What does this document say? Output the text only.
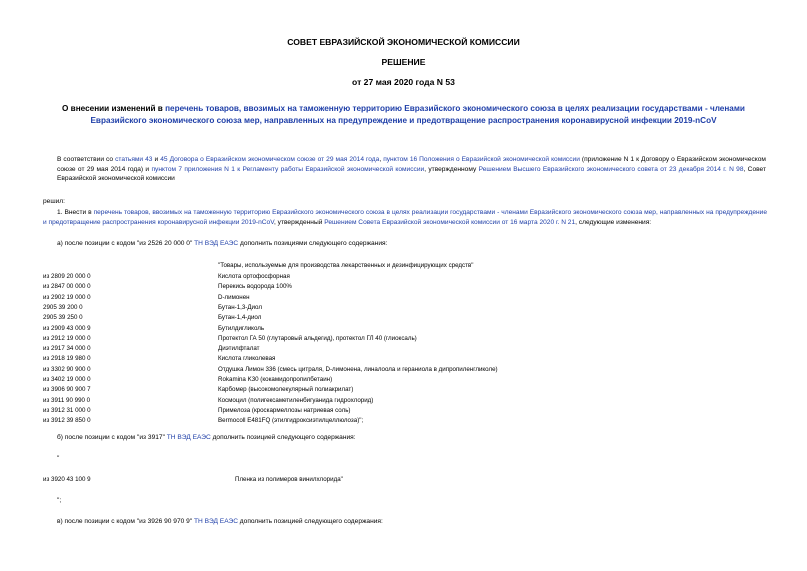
СОВЕТ ЕВРАЗИЙСКОЙ ЭКОНОМИЧЕСКОЙ КОМИССИИ
РЕШЕНИЕ
от 27 мая 2020 года N 53
О внесении изменений в перечень товаров, ввозимых на таможенную территорию Евразийского экономического союза в целях реализации государствами - членами Евразийского экономического союза мер, направленных на предупреждение и предотвращение распространения коронавирусной инфекции 2019-nCoV
В соответствии со статьями 43 и 45 Договора о Евразийском экономическом союзе от 29 мая 2014 года, пунктом 16 Положения о Евразийской экономической комиссии (приложение N 1 к Договору о Евразийском экономическом союзе от 29 мая 2014 года) и пунктом 7 приложения N 1 к Регламенту работы Евразийской экономической комиссии, утвержденному Решением Высшего Евразийского экономического совета от 23 декабря 2014 г. N 98, Совет Евразийской экономической комиссии
решил:
1. Внести в перечень товаров, ввозимых на таможенную территорию Евразийского экономического союза в целях реализации государствами - членами Евразийского экономического союза мер, направленных на предупреждение и предотвращение распространения коронавирусной инфекции 2019-nCoV, утвержденный Решением Совета Евразийской экономической комиссии от 16 марта 2020 г. N 21, следующие изменения:
а) после позиции с кодом "из 2526 20 000 0" ТН ВЭД ЕАЭС дополнить позициями следующего содержания:
"Товары, используемые для производства лекарственных и дезинфицирующих средств"
из 2809 20 000 0	Кислота ортофосфорная
из 2847 00 000 0	Перекись водорода 100%
из 2902 19 000 0	D-лимонен
2905 39 200 0	Бутан-1,3-Диол
2905 39 250 0	Бутан-1,4-диол
из 2909 43 000 9	Бутилдигликоль
из 2912 19 000 0	Протектол ГА 50 (глутаровый альдегид), протектол ГЛ 40 (глиоксаль)
из 2917 34 000 0	Диэтилфталат
из 2918 19 980 0	Кислота гликолевая
из 3302 90 900 0	Отдушка Лимон 336 (смесь цитраля, D-лимонена, линалоола и гераниола в дипропиленгликоле)
из 3402 19 000 0	Rokamina K30 (кокамидопропилбетаин)
из 3906 90 900 7	Карбомер (высокомолекулярный полиакрилат)
из 3911 90 990 0	Космоцил (полигексаметиленбигуанида гидрохлорид)
из 3912 31 000 0	Примелоза (кроскармеллозы натриевая соль)
из 3912 39 850 0	Bermocoll E481FQ (этилгидроксиэтилцеллюлоза)";
б) после позиции с кодом "из 3917" ТН ВЭД ЕАЭС дополнить позицией следующего содержания:
"
из 3920 43 100 9	Пленка из полимеров винилхлорида"
";
в) после позиции с кодом "из 3926 90 970 9" ТН ВЭД ЕАЭС дополнить позицией следующего содержания:
